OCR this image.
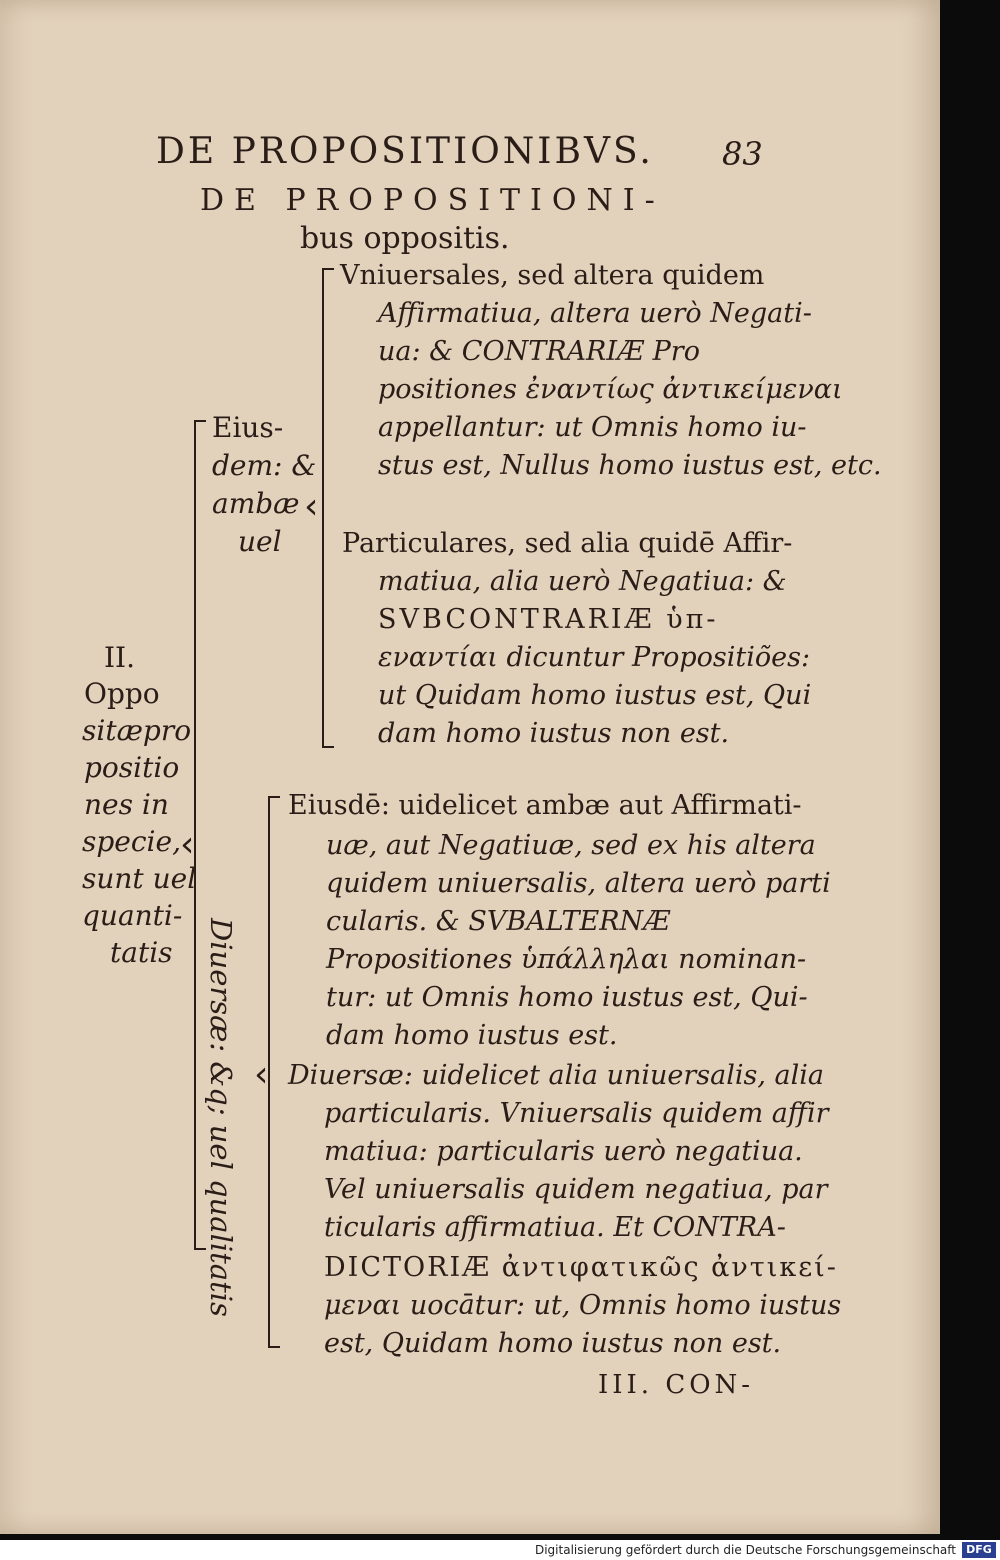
DE PROPOSITIONIBVS. 83
DE PROPOSITIONI-
bus oppositis.
II.
Oppo
sitæpro
positio
nes in
specie,
sunt uel
quanti-
tatis
‹
Eius-
dem: &
ambæ
uel
‹
Vniuersales, sed altera quidem
Affirmatiua, altera uerò Negati-
ua: & CONTRARIÆ Pro
positiones ἐναντίως ἀντικείμεναι
appellantur: ut Omnis homo iu-
stus est, Nullus homo iustus est, etc.
Particulares, sed alia quidē Affir-
matiua, alia uerò Negatiua: &
SVBCONTRARIÆ ὑπ-
εναντίαι dicuntur Propositiões:
ut Quidam homo iustus est, Qui
dam homo iustus non est.
Diuersæ: &q; uel qualitatis ‹
Eiusdē: uidelicet ambæ aut Affirmati-
uæ, aut Negatiuæ, sed ex his altera
quidem uniuersalis, altera uerò parti
cularis. & SVBALTERNÆ
Propositiones ὑπάλληλαι nominan-
tur: ut Omnis homo iustus est, Qui-
dam homo iustus est.
Diuersæ: uidelicet alia uniuersalis, alia
particularis. Vniuersalis quidem affir
matiua: particularis uerò negatiua.
Vel uniuersalis quidem negatiua, par
ticularis affirmatiua. Et CONTRA-
DICTORIÆ ἀντιφατικῶς ἀντικεί-
μεναι uocātur: ut, Omnis homo iustus
est, Quidam homo iustus non est.
III. CON-
Digitalisierung gefördert durch die Deutsche Forschungsgemeinschaft DFG
